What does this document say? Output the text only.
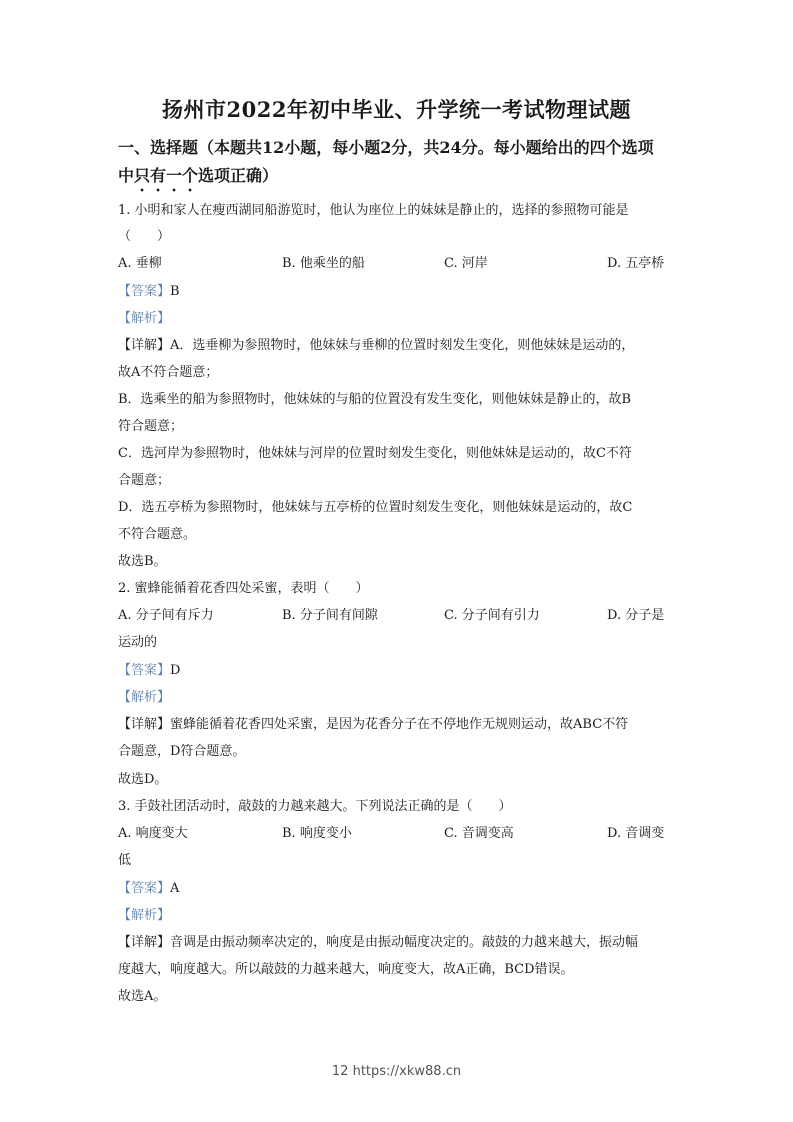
扬州市2022年初中毕业、升学统一考试物理试题
一、选择题（本题共12小题，每小题2分，共24分。每小题给出的四个选项
中只有一个选项正确）
1. 小明和家人在瘦西湖同船游览时，他认为座位上的妹妹是静止的，选择的参照物可能是
（　　）
A. 垂柳	B. 他乘坐的船	C. 河岸	D. 五亭桥
【答案】B
【解析】
【详解】A．选垂柳为参照物时，他妹妹与垂柳的位置时刻发生变化，则他妹妹是运动的，
故A不符合题意；
B．选乘坐的船为参照物时，他妹妹的与船的位置没有发生变化，则他妹妹是静止的，故B
符合题意；
C．选河岸为参照物时，他妹妹与河岸的位置时刻发生变化，则他妹妹是运动的，故C不符
合题意；
D．选五亭桥为参照物时，他妹妹与五亭桥的位置时刻发生变化，则他妹妹是运动的，故C
不符合题意。
故选B。
2. 蜜蜂能循着花香四处采蜜，表明（　　）
A. 分子间有斥力	B. 分子间有间隙	C. 分子间有引力	D. 分子是
运动的
【答案】D
【解析】
【详解】蜜蜂能循着花香四处采蜜，是因为花香分子在不停地作无规则运动，故ABC不符
合题意，D符合题意。
故选D。
3. 手鼓社团活动时，敲鼓的力越来越大。下列说法正确的是（　　）
A. 响度变大	B. 响度变小	C. 音调变高	D. 音调变
低
【答案】A
【解析】
【详解】音调是由振动频率决定的，响度是由振动幅度决定的。敲鼓的力越来越大，振动幅
度越大，响度越大。所以敲鼓的力越来越大，响度变大，故A正确，BCD错误。
故选A。
12 https://xkw88.cn
